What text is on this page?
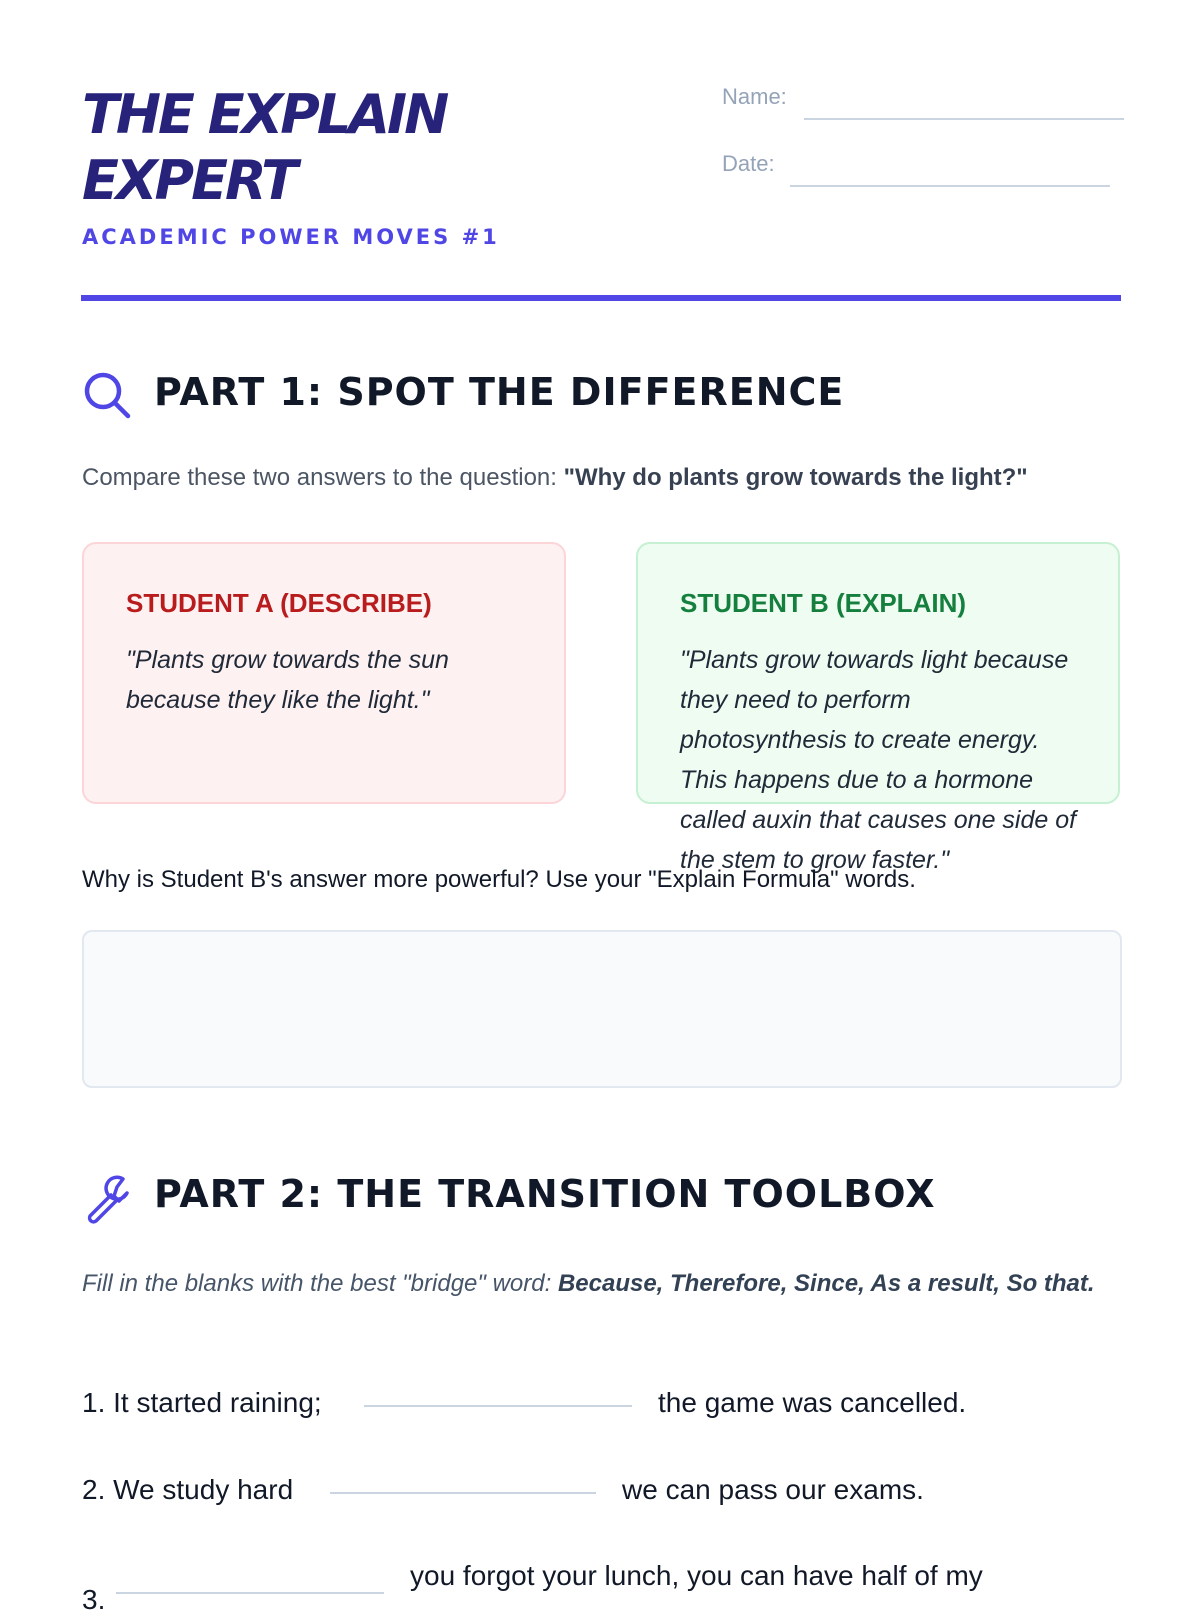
THE EXPLAIN
EXPERT
ACADEMIC POWER MOVES #1
Name:
Date:
PART 1: SPOT THE DIFFERENCE
Compare these two answers to the question: "Why do plants grow towards the light?"
STUDENT A (DESCRIBE)
"Plants grow towards the sun because they like the light."
STUDENT B (EXPLAIN)
"Plants grow towards light because they need to perform photosynthesis to create energy. This happens due to a hormone called auxin that causes one side of the stem to grow faster."
Why is Student B's answer more powerful? Use your "Explain Formula" words.
PART 2: THE TRANSITION TOOLBOX
Fill in the blanks with the best "bridge" word: Because, Therefore, Since, As a result, So that.
1. It started raining;	the game was cancelled.
2. We study hard	we can pass our exams.
3.
you forgot your lunch, you can have half of my
